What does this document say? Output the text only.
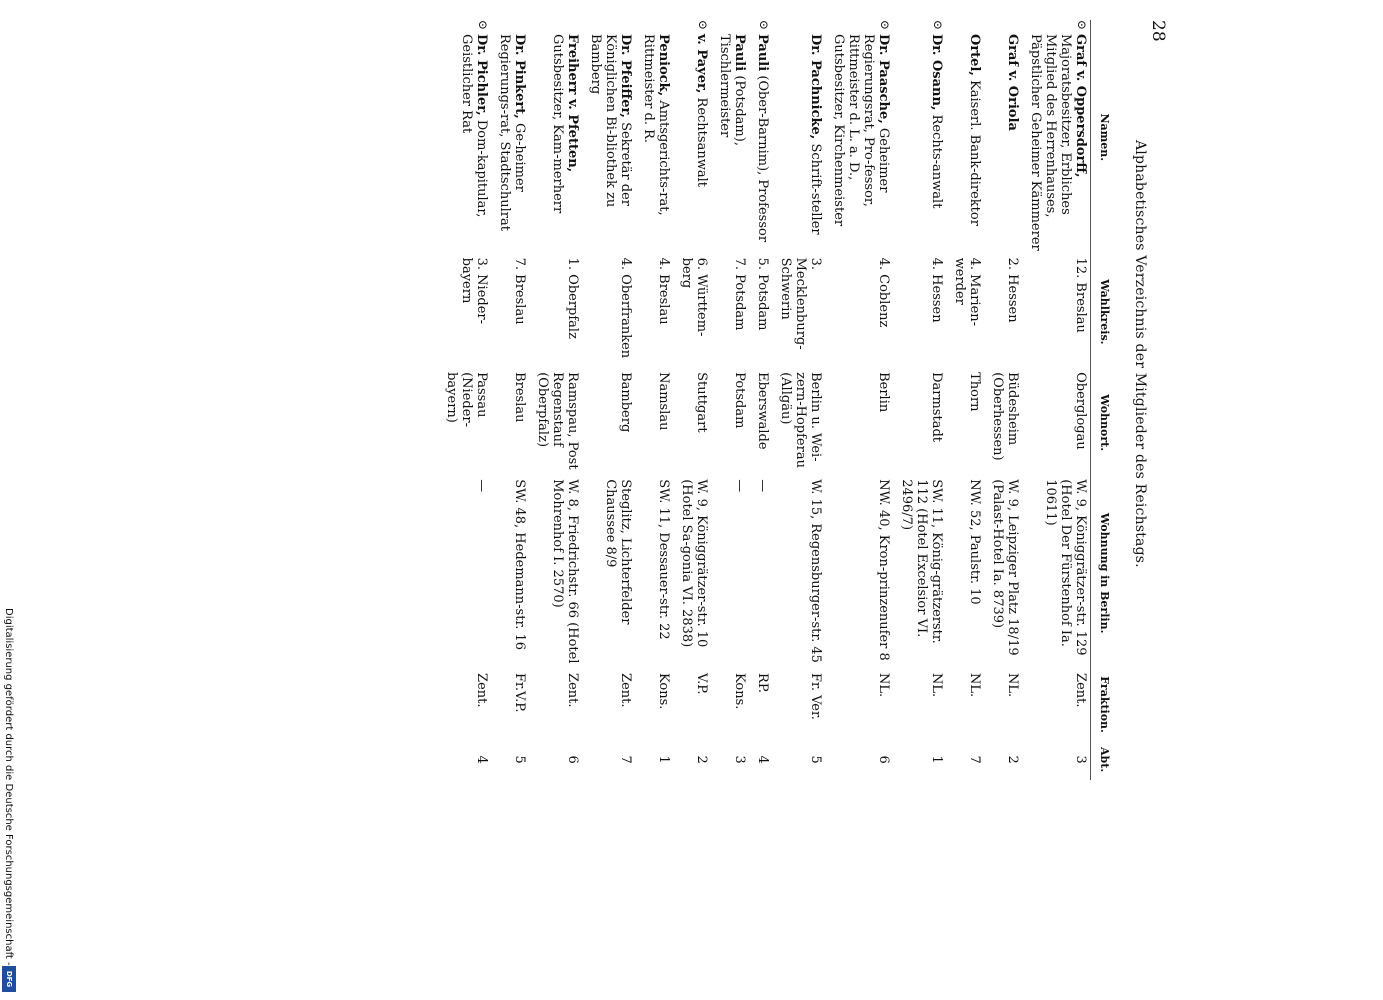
28
Alphabetisches Verzeichnis der Mitglieder des Reichstags.
Namen.	Wahlkreis.	Wohnort.	Wohnung in Berlin.	Fraktion.	Abt.

⊙
Graf v. Oppersdorff, Majoratsbesitzer, Erbliches Mitglied des Herrenhauses, Päpstlicher Geheimer Kämmerer	12. Breslau	Oberglogau	W. 9, Königgrätzer-str. 129 (Hotel Der Fürstenhof Ia. 10611)	Zent.	3

Graf v. Oriola	2. Hessen	Büdesheim (Oberhessen)	W. 9, Leipziger Platz 18/19 (Palast-Hotel Ia. 8739)	NL.	2

Ortel, Kaiserl. Bank-direktor	4. Marien-werder	Thorn	NW. 52, Paulstr. 10	NL.	7

⊙
Dr. Osann, Rechts-anwalt	4. Hessen	Darmstadt	SW. 11, König-grätzerstr. 112 (Hotel Excelsior VI. 2496/7)	NL.	1

⊙
Dr. Paasche, Geheimer Regierungsrat, Pro-fessor, Rittmeister d. L. a. D., Gutsbesitzer, Kirchenmeister	4. Coblenz	Berlin	NW. 40, Kron-prinzenufer 8	NL.	6

Dr. Pachnicke, Schrift-steller	3. Mecklenburg-Schwerin	Berlin u. Wei-zern-Hopferau (Allgäu)	W. 15, Regensburger-str. 45	Fr. Ver.	5

⊙
Pauli (Ober-Barnim), Professor	5. Potsdam	Eberswalde	—	RP.	4

Pauli (Potsdam), Tischlermeister	7. Potsdam	Potsdam	—	Kons.	3

⊙
v. Payer, Rechtsanwalt	6. Württem-berg	Stuttgart	W. 9, Königgrätzer-str. 10 (Hotel Sa-gonia VI. 2838)	V.P.	2

Peniock, Amtsgerichts-rat, Rittmeister d. R.	4. Breslau	Namslau	SW. 11, Dessauer-str. 22	Kons.	1

Dr. Pfeiffer, Sekretär der Königlichen Bi-bliothek zu Bamberg	4. Oberfranken	Bamberg	Steglitz, Lichterfelder Chaussee 8/9	Zent.	7

Freiherr v. Pfetten, Gutsbesitzer, Kam-merherr	1. Oberpfalz	Ramspau, Post Regenstauf (Oberpfalz)	W. 8, Friedrichstr. 66 (Hotel Mohrenhof I. 2570)	Zent.	6

Dr. Pinkert, Ge-heimer Regierungs-rat, Stadtschulrat	7. Breslau	Breslau	SW. 48, Hedemann-str. 16	Fr.V.P.	5

⊙
Dr. Pichler, Dom-kapitular, Geistlicher Rat	3. Nieder-bayern	Passau (Nieder-bayern)	—	Zent.	4
Digitalisierung gefördert durch die Deutsche Forschungsgemeinschaft -
DFG
